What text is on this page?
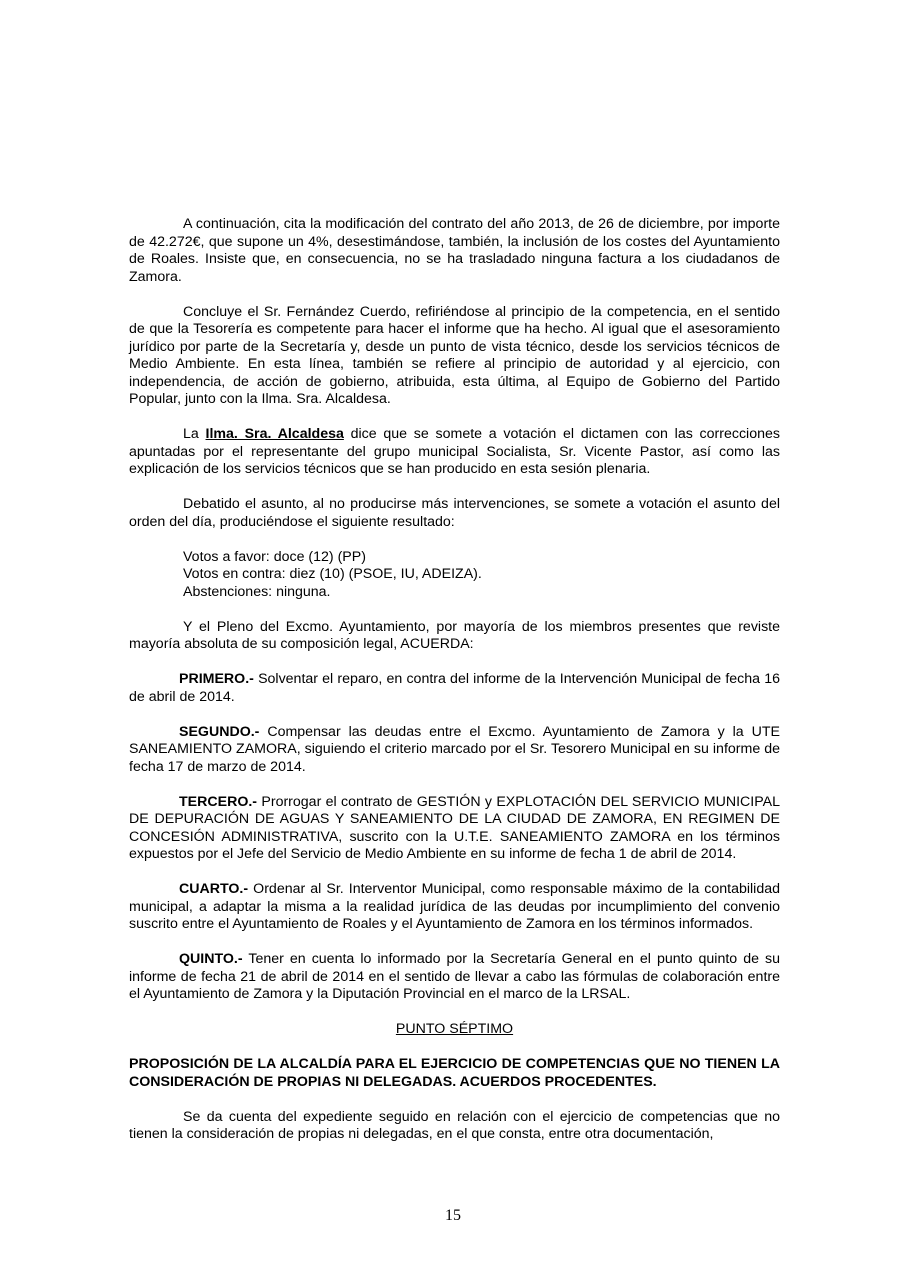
A continuación, cita la modificación del contrato del año 2013, de 26 de diciembre, por importe de 42.272€, que supone un 4%, desestimándose, también, la inclusión de los costes del Ayuntamiento de Roales. Insiste que, en consecuencia, no se ha trasladado ninguna factura a los ciudadanos de Zamora.

Concluye el Sr. Fernández Cuerdo, refiriéndose al principio de la competencia, en el sentido de que la Tesorería es competente para hacer el informe que ha hecho. Al igual que el asesoramiento jurídico por parte de la Secretaría y, desde un punto de vista técnico, desde los servicios técnicos de Medio Ambiente. En esta línea, también se refiere al principio de autoridad y al ejercicio, con independencia, de acción de gobierno, atribuida, esta última, al Equipo de Gobierno del Partido Popular, junto con la Ilma. Sra. Alcaldesa.

La Ilma. Sra. Alcaldesa dice que se somete a votación el dictamen con las correcciones apuntadas por el representante del grupo municipal Socialista, Sr. Vicente Pastor, así como las explicación de los servicios técnicos que se han producido en esta sesión plenaria.

Debatido el asunto, al no producirse más intervenciones, se somete a votación el asunto del orden del día, produciéndose el siguiente resultado:

Votos a favor: doce (12) (PP)
Votos en contra: diez (10) (PSOE, IU, ADEIZA).
Abstenciones: ninguna.

Y el Pleno del Excmo. Ayuntamiento, por mayoría de los miembros presentes que reviste mayoría absoluta de su composición legal, ACUERDA:

PRIMERO.- Solventar el reparo, en contra del informe de la Intervención Municipal de fecha 16 de abril de 2014.

SEGUNDO.- Compensar las deudas entre el Excmo. Ayuntamiento de Zamora y la UTE SANEAMIENTO ZAMORA, siguiendo el criterio marcado por el Sr. Tesorero Municipal en su informe de fecha 17 de marzo de 2014.

TERCERO.- Prorrogar el contrato de GESTIÓN y EXPLOTACIÓN DEL SERVICIO MUNICIPAL DE DEPURACIÓN DE AGUAS Y SANEAMIENTO DE LA CIUDAD DE ZAMORA, EN REGIMEN DE CONCESIÓN ADMINISTRATIVA, suscrito con la U.T.E. SANEAMIENTO ZAMORA en los términos expuestos por el Jefe del Servicio de Medio Ambiente en su informe de fecha 1 de abril de 2014.

CUARTO.- Ordenar al Sr. Interventor Municipal, como responsable máximo de la contabilidad municipal, a adaptar la misma a la realidad jurídica de las deudas por incumplimiento del convenio suscrito entre el Ayuntamiento de Roales y el Ayuntamiento de Zamora en los términos informados.

QUINTO.- Tener en cuenta lo informado por la Secretaría General en el punto quinto de su informe de fecha 21 de abril de 2014 en el sentido de llevar a cabo las fórmulas de colaboración entre el Ayuntamiento de Zamora y la Diputación Provincial en el marco de la LRSAL.

PUNTO SÉPTIMO

PROPOSICIÓN DE LA ALCALDÍA PARA EL EJERCICIO DE COMPETENCIAS QUE NO TIENEN LA CONSIDERACIÓN DE PROPIAS NI DELEGADAS. ACUERDOS PROCEDENTES.

Se da cuenta del expediente seguido en relación con el ejercicio de competencias que no tienen la consideración de propias ni delegadas, en el que consta, entre otra documentación,

15
